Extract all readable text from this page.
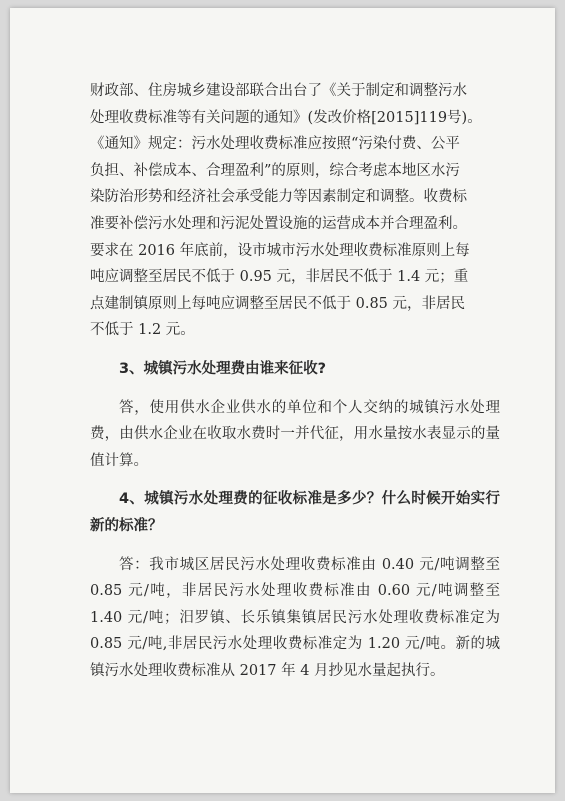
财政部、住房城乡建设部联合出台了《关于制定和调整污水

处理收费标准等有关问题的通知》(发改价格[2015]119号)。

《通知》规定：污水处理收费标准应按照“污染付费、公平

负担、补偿成本、合理盈利”的原则，综合考虑本地区水污

染防治形势和经济社会承受能力等因素制定和调整。收费标

准要补偿污水处理和污泥处置设施的运营成本并合理盈利。

要求在 2016 年底前，设市城市污水处理收费标准原则上每

吨应调整至居民不低于 0.95 元，非居民不低于 1.4 元；重

点建制镇原则上每吨应调整至居民不低于 0.85 元，非居民

不低于 1.2 元。

3、城镇污水处理费由谁来征收?

答，使用供水企业供水的单位和个人交纳的城镇污水处理费，由供水企业在收取水费时一并代征，用水量按水表显示的量值计算。

4、城镇污水处理费的征收标准是多少？什么时候开始实行新的标准？

答：我市城区居民污水处理收费标准由 0.40 元/吨调整至 0.85 元/吨，非居民污水处理收费标准由 0.60 元/吨调整至 1.40 元/吨；汨罗镇、长乐镇集镇居民污水处理收费标准定为 0.85 元/吨,非居民污水处理收费标准定为 1.20 元/吨。新的城镇污水处理收费标准从 2017 年 4 月抄见水量起执行。
